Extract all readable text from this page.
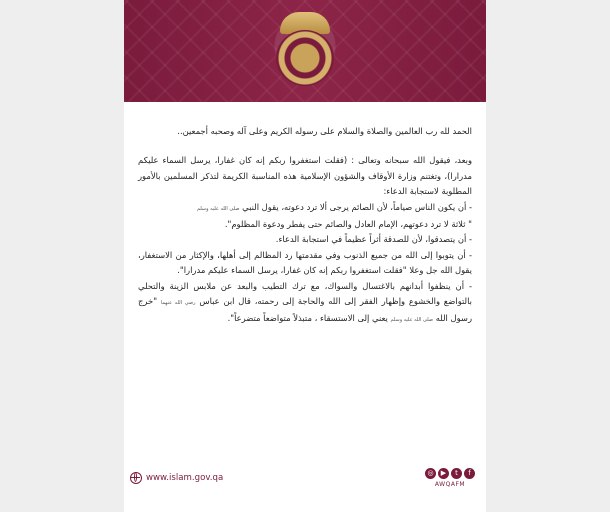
الحمد لله رب العالمين والصلاة والسلام على رسوله الكريم وعلى آله وصحبه أجمعين..

وبعد، فيقول الله سبحانه وتعالى : (فقلت استغفروا ربكم إنه كان غفارا، يرسل السماء عليكم مدرارا)، وتغتنم وزارة الأوقاف والشؤون الإسلامية هذه المناسبة الكريمة لتذكر المسلمين بالأمور المطلوبة لاستجابة الدعاء:

- أن يكون الناس صياماً، لأن الصائم يرجى ألا ترد دعوته، يقول النبي صلى الله عليه وسلم

" ثلاثة لا ترد دعوتهم، الإمام العادل والصائم حتى يفطر ودعوة المظلوم".

- أن يتصدقوا، لأن للصدقة أثراً عظيماً في استجابة الدعاء.

- أن يتوبوا إلى الله من جميع الذنوب وفي مقدمتها رد المظالم إلى أهلها، والإكثار من الاستغفار، يقول الله جل وعلا "فقلت استغفروا ربكم إنه كان غفارا، يرسل السماء عليكم مدرارا".

- أن ينظفوا أبدانهم بالاغتسال والسواك، مع ترك التطيب والبعد عن ملابس الزينة والتحلي بالتواضع والخشوع وإظهار الفقر إلى الله والحاجة إلى رحمته، قال ابن عباس رضي الله عنهما "خرج رسول الله صلى الله عليه وسلم يعني إلى الاستسقاء ، متبذلاً متواضعاً متضرعاً".

www.islam.gov.qa	◎	▶	t	f
AWQAFM
